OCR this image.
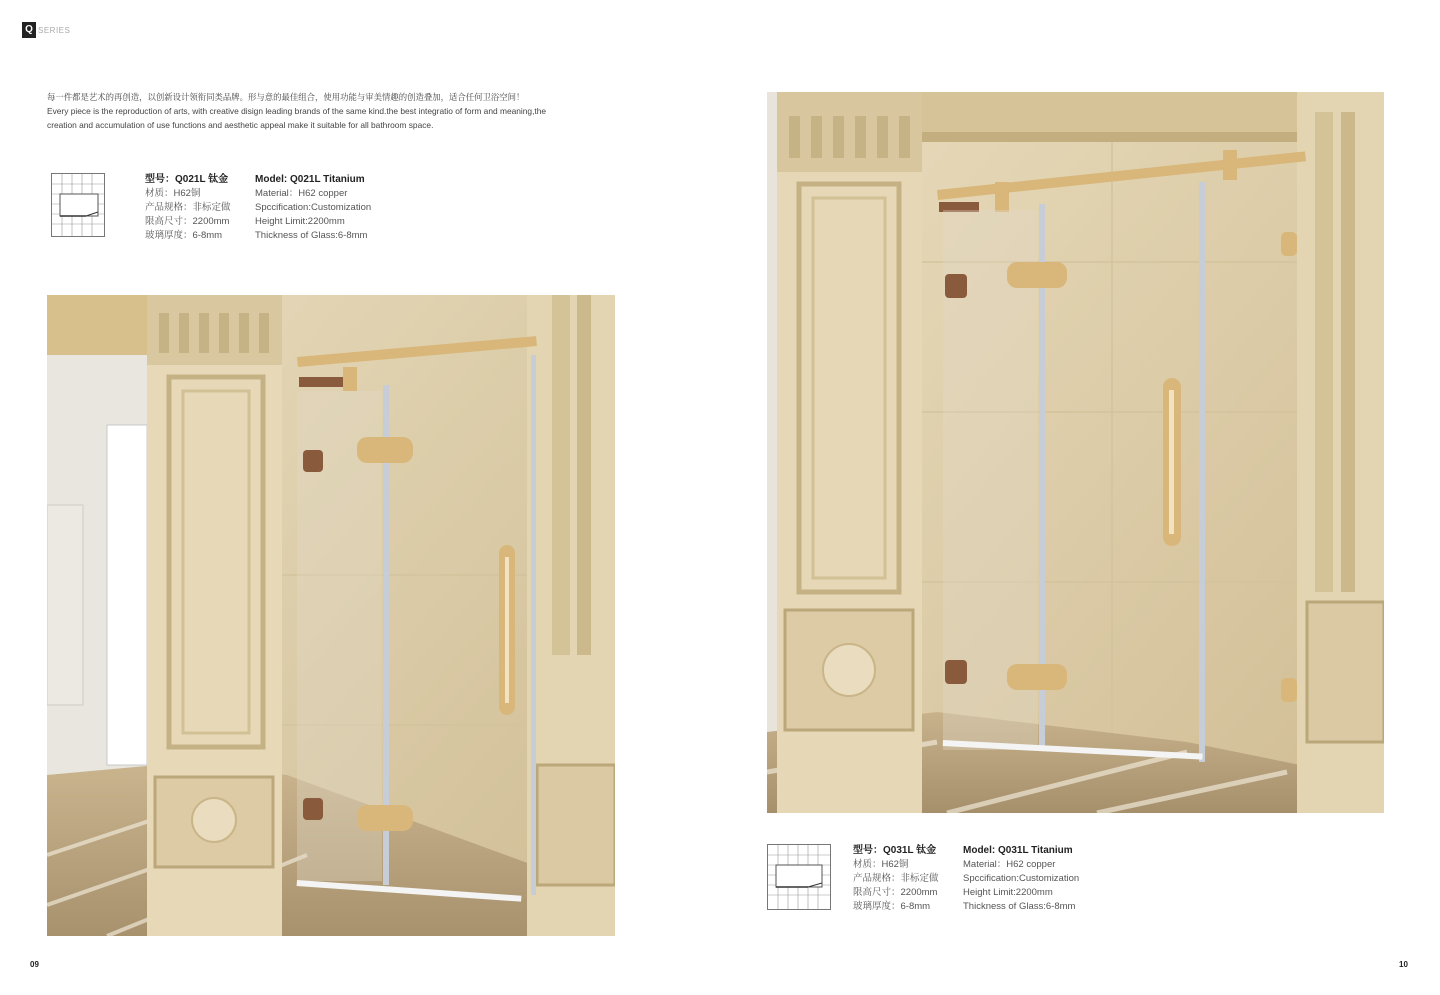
Q SERIES
每一件都是艺术的再创造，以创新设计领衔同类品牌。形与意的最佳组合，使用功能与审美情趣的创造叠加，适合任何卫浴空间！
Every piece is the reproduction of arts, with creative disign leading brands of the same kind.the best integratio of form and meaning,the creation and accumulation of use functions and aesthetic appeal make it suitable for all bathroom space.
型号：Q021L 钛金
材质：H62铜
产品规格：非标定做
限高尺寸：2200mm
玻璃厚度：6-8mm
Model: Q021L Titanium
Material：H62 copper
Spccification:Customization
Height Limit:2200mm
Thickness of Glass:6-8mm
型号：Q031L 钛金
材质：H62铜
产品规格：非标定做
限高尺寸：2200mm
玻璃厚度：6-8mm
Model: Q031L Titanium
Material：H62 copper
Spccification:Customization
Height Limit:2200mm
Thickness of Glass:6-8mm
09	10
